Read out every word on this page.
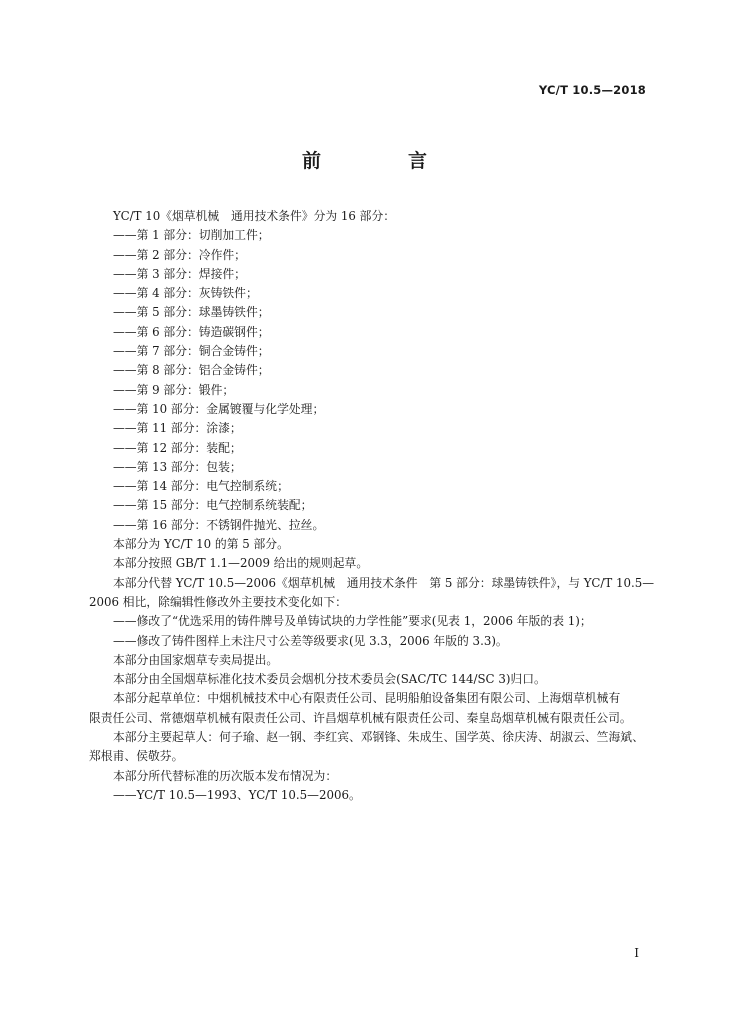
YC/T 10.5—2018
前　言

YC/T 10《烟草机械　通用技术条件》分为 16 部分：

——第 1 部分：切削加工件；

——第 2 部分：冷作件；

——第 3 部分：焊接件；

——第 4 部分：灰铸铁件；

——第 5 部分：球墨铸铁件；

——第 6 部分：铸造碳钢件；

——第 7 部分：铜合金铸件；

——第 8 部分：铝合金铸件；

——第 9 部分：锻件；

——第 10 部分：金属镀覆与化学处理；

——第 11 部分：涂漆；

——第 12 部分：装配；

——第 13 部分：包装；

——第 14 部分：电气控制系统；

——第 15 部分：电气控制系统装配；

——第 16 部分：不锈钢件抛光、拉丝。

本部分为 YC/T 10 的第 5 部分。

本部分按照 GB/T 1.1—2009 给出的规则起草。

本部分代替 YC/T 10.5—2006《烟草机械　通用技术条件　第 5 部分：球墨铸铁件》，与 YC/T 10.5—

2006 相比，除编辑性修改外主要技术变化如下：

——修改了“优选采用的铸件牌号及单铸试块的力学性能”要求(见表 1，2006 年版的表 1)；

——修改了铸件图样上未注尺寸公差等级要求(见 3.3，2006 年版的 3.3)。

本部分由国家烟草专卖局提出。

本部分由全国烟草标准化技术委员会烟机分技术委员会(SAC/TC 144/SC 3)归口。

本部分起草单位：中烟机械技术中心有限责任公司、昆明船舶设备集团有限公司、上海烟草机械有

限责任公司、常德烟草机械有限责任公司、许昌烟草机械有限责任公司、秦皇岛烟草机械有限责任公司。

本部分主要起草人：何子瑜、赵一钢、李红宾、邓钢锋、朱成生、国学英、徐庆涛、胡淑云、竺海斌、

郑根甫、侯敬芬。

本部分所代替标准的历次版本发布情况为：

——YC/T 10.5—1993、YC/T 10.5—2006。

I
